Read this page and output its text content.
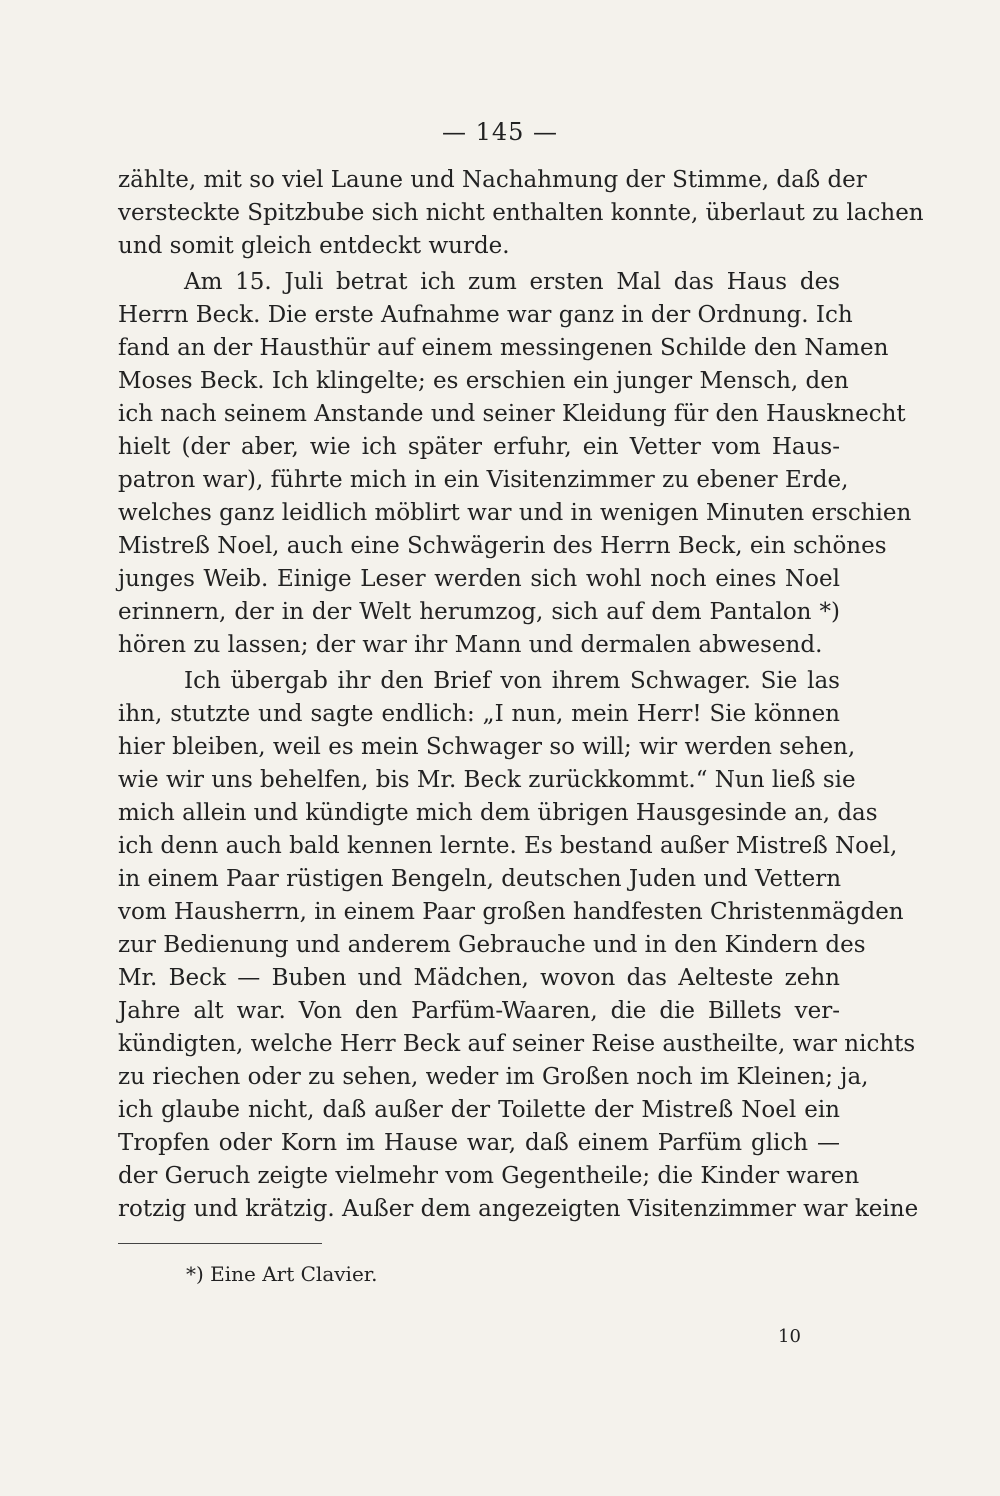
— 145 —
zählte, mit so viel Laune und Nachahmung der Stimme, daß der
versteckte Spitzbube sich nicht enthalten konnte, überlaut zu lachen
und somit gleich entdeckt wurde.
Am 15. Juli betrat ich zum ersten Mal das Haus des
Herrn Beck. Die erste Aufnahme war ganz in der Ordnung. Ich
fand an der Hausthür auf einem messingenen Schilde den Namen
Moses Beck. Ich klingelte; es erschien ein junger Mensch, den
ich nach seinem Anstande und seiner Kleidung für den Hausknecht
hielt (der aber, wie ich später erfuhr, ein Vetter vom Haus-
patron war), führte mich in ein Visitenzimmer zu ebener Erde,
welches ganz leidlich möblirt war und in wenigen Minuten erschien
Mistreß Noel, auch eine Schwägerin des Herrn Beck, ein schönes
junges Weib. Einige Leser werden sich wohl noch eines Noel
erinnern, der in der Welt herumzog, sich auf dem Pantalon *)
hören zu lassen; der war ihr Mann und dermalen abwesend.
Ich übergab ihr den Brief von ihrem Schwager. Sie las
ihn, stutzte und sagte endlich: „I nun, mein Herr! Sie können
hier bleiben, weil es mein Schwager so will; wir werden sehen,
wie wir uns behelfen, bis Mr. Beck zurückkommt.“ Nun ließ sie
mich allein und kündigte mich dem übrigen Hausgesinde an, das
ich denn auch bald kennen lernte. Es bestand außer Mistreß Noel,
in einem Paar rüstigen Bengeln, deutschen Juden und Vettern
vom Hausherrn, in einem Paar großen handfesten Christenmägden
zur Bedienung und anderem Gebrauche und in den Kindern des
Mr. Beck — Buben und Mädchen, wovon das Aelteste zehn
Jahre alt war. Von den Parfüm-Waaren, die die Billets ver-
kündigten, welche Herr Beck auf seiner Reise austheilte, war nichts
zu riechen oder zu sehen, weder im Großen noch im Kleinen; ja,
ich glaube nicht, daß außer der Toilette der Mistreß Noel ein
Tropfen oder Korn im Hause war, daß einem Parfüm glich —
der Geruch zeigte vielmehr vom Gegentheile; die Kinder waren
rotzig und krätzig. Außer dem angezeigten Visitenzimmer war keine
*) Eine Art Clavier.
10
